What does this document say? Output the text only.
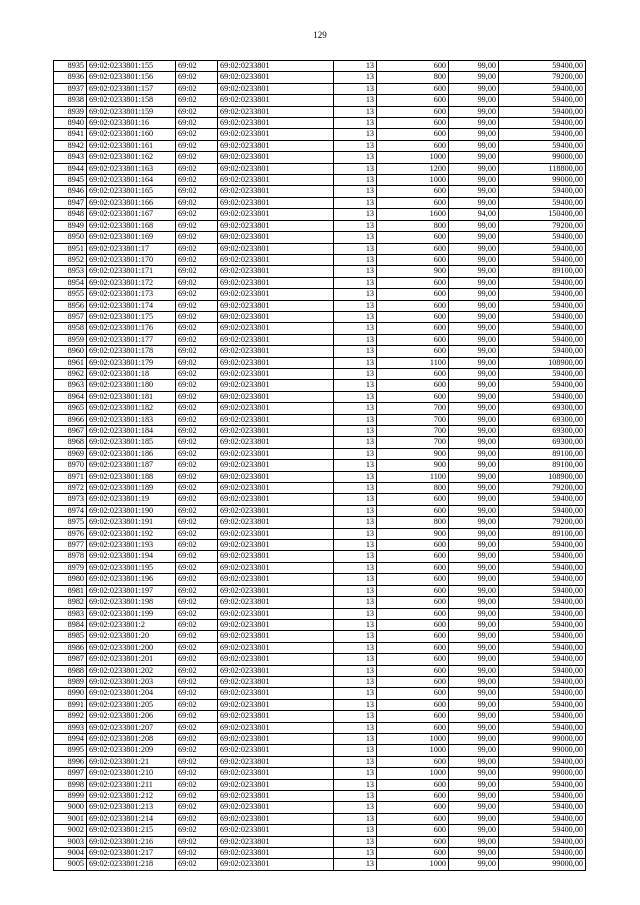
129
8935	69:02:0233801:155	69:02	69:02:0233801	13	600	99,00	59400,00
8936	69:02:0233801:156	69:02	69:02:0233801	13	800	99,00	79200,00
8937	69:02:0233801:157	69:02	69:02:0233801	13	600	99,00	59400,00
8938	69:02:0233801:158	69:02	69:02:0233801	13	600	99,00	59400,00
8939	69:02:0233801:159	69:02	69:02:0233801	13	600	99,00	59400,00
8940	69:02:0233801:16	69:02	69:02:0233801	13	600	99,00	59400,00
8941	69:02:0233801:160	69:02	69:02:0233801	13	600	99,00	59400,00
8942	69:02:0233801:161	69:02	69:02:0233801	13	600	99,00	59400,00
8943	69:02:0233801:162	69:02	69:02:0233801	13	1000	99,00	99000,00
8944	69:02:0233801:163	69:02	69:02:0233801	13	1200	99,00	118800,00
8945	69:02:0233801:164	69:02	69:02:0233801	13	1000	99,00	99000,00
8946	69:02:0233801:165	69:02	69:02:0233801	13	600	99,00	59400,00
8947	69:02:0233801:166	69:02	69:02:0233801	13	600	99,00	59400,00
8948	69:02:0233801:167	69:02	69:02:0233801	13	1600	94,00	150400,00
8949	69:02:0233801:168	69:02	69:02:0233801	13	800	99,00	79200,00
8950	69:02:0233801:169	69:02	69:02:0233801	13	600	99,00	59400,00
8951	69:02:0233801:17	69:02	69:02:0233801	13	600	99,00	59400,00
8952	69:02:0233801:170	69:02	69:02:0233801	13	600	99,00	59400,00
8953	69:02:0233801:171	69:02	69:02:0233801	13	900	99,00	89100,00
8954	69:02:0233801:172	69:02	69:02:0233801	13	600	99,00	59400,00
8955	69:02:0233801:173	69:02	69:02:0233801	13	600	99,00	59400,00
8956	69:02:0233801:174	69:02	69:02:0233801	13	600	99,00	59400,00
8957	69:02:0233801:175	69:02	69:02:0233801	13	600	99,00	59400,00
8958	69:02:0233801:176	69:02	69:02:0233801	13	600	99,00	59400,00
8959	69:02:0233801:177	69:02	69:02:0233801	13	600	99,00	59400,00
8960	69:02:0233801:178	69:02	69:02:0233801	13	600	99,00	59400,00
8961	69:02:0233801:179	69:02	69:02:0233801	13	1100	99,00	108900,00
8962	69:02:0233801:18	69:02	69:02:0233801	13	600	99,00	59400,00
8963	69:02:0233801:180	69:02	69:02:0233801	13	600	99,00	59400,00
8964	69:02:0233801:181	69:02	69:02:0233801	13	600	99,00	59400,00
8965	69:02:0233801:182	69:02	69:02:0233801	13	700	99,00	69300,00
8966	69:02:0233801:183	69:02	69:02:0233801	13	700	99,00	69300,00
8967	69:02:0233801:184	69:02	69:02:0233801	13	700	99,00	69300,00
8968	69:02:0233801:185	69:02	69:02:0233801	13	700	99,00	69300,00
8969	69:02:0233801:186	69:02	69:02:0233801	13	900	99,00	89100,00
8970	69:02:0233801:187	69:02	69:02:0233801	13	900	99,00	89100,00
8971	69:02:0233801:188	69:02	69:02:0233801	13	1100	99,00	108900,00
8972	69:02:0233801:189	69:02	69:02:0233801	13	800	99,00	79200,00
8973	69:02:0233801:19	69:02	69:02:0233801	13	600	99,00	59400,00
8974	69:02:0233801:190	69:02	69:02:0233801	13	600	99,00	59400,00
8975	69:02:0233801:191	69:02	69:02:0233801	13	800	99,00	79200,00
8976	69:02:0233801:192	69:02	69:02:0233801	13	900	99,00	89100,00
8977	69:02:0233801:193	69:02	69:02:0233801	13	600	99,00	59400,00
8978	69:02:0233801:194	69:02	69:02:0233801	13	600	99,00	59400,00
8979	69:02:0233801:195	69:02	69:02:0233801	13	600	99,00	59400,00
8980	69:02:0233801:196	69:02	69:02:0233801	13	600	99,00	59400,00
8981	69:02:0233801:197	69:02	69:02:0233801	13	600	99,00	59400,00
8982	69:02:0233801:198	69:02	69:02:0233801	13	600	99,00	59400,00
8983	69:02:0233801:199	69:02	69:02:0233801	13	600	99,00	59400,00
8984	69:02:0233801:2	69:02	69:02:0233801	13	600	99,00	59400,00
8985	69:02:0233801:20	69:02	69:02:0233801	13	600	99,00	59400,00
8986	69:02:0233801:200	69:02	69:02:0233801	13	600	99,00	59400,00
8987	69:02:0233801:201	69:02	69:02:0233801	13	600	99,00	59400,00
8988	69:02:0233801:202	69:02	69:02:0233801	13	600	99,00	59400,00
8989	69:02:0233801:203	69:02	69:02:0233801	13	600	99,00	59400,00
8990	69:02:0233801:204	69:02	69:02:0233801	13	600	99,00	59400,00
8991	69:02:0233801:205	69:02	69:02:0233801	13	600	99,00	59400,00
8992	69:02:0233801:206	69:02	69:02:0233801	13	600	99,00	59400,00
8993	69:02:0233801:207	69:02	69:02:0233801	13	600	99,00	59400,00
8994	69:02:0233801:208	69:02	69:02:0233801	13	1000	99,00	99000,00
8995	69:02:0233801:209	69:02	69:02:0233801	13	1000	99,00	99000,00
8996	69:02:0233801:21	69:02	69:02:0233801	13	600	99,00	59400,00
8997	69:02:0233801:210	69:02	69:02:0233801	13	1000	99,00	99000,00
8998	69:02:0233801:211	69:02	69:02:0233801	13	600	99,00	59400,00
8999	69:02:0233801:212	69:02	69:02:0233801	13	600	99,00	59400,00
9000	69:02:0233801:213	69:02	69:02:0233801	13	600	99,00	59400,00
9001	69:02:0233801:214	69:02	69:02:0233801	13	600	99,00	59400,00
9002	69:02:0233801:215	69:02	69:02:0233801	13	600	99,00	59400,00
9003	69:02:0233801:216	69:02	69:02:0233801	13	600	99,00	59400,00
9004	69:02:0233801:217	69:02	69:02:0233801	13	600	99,00	59400,00
9005	69:02:0233801:218	69:02	69:02:0233801	13	1000	99,00	99000,00
